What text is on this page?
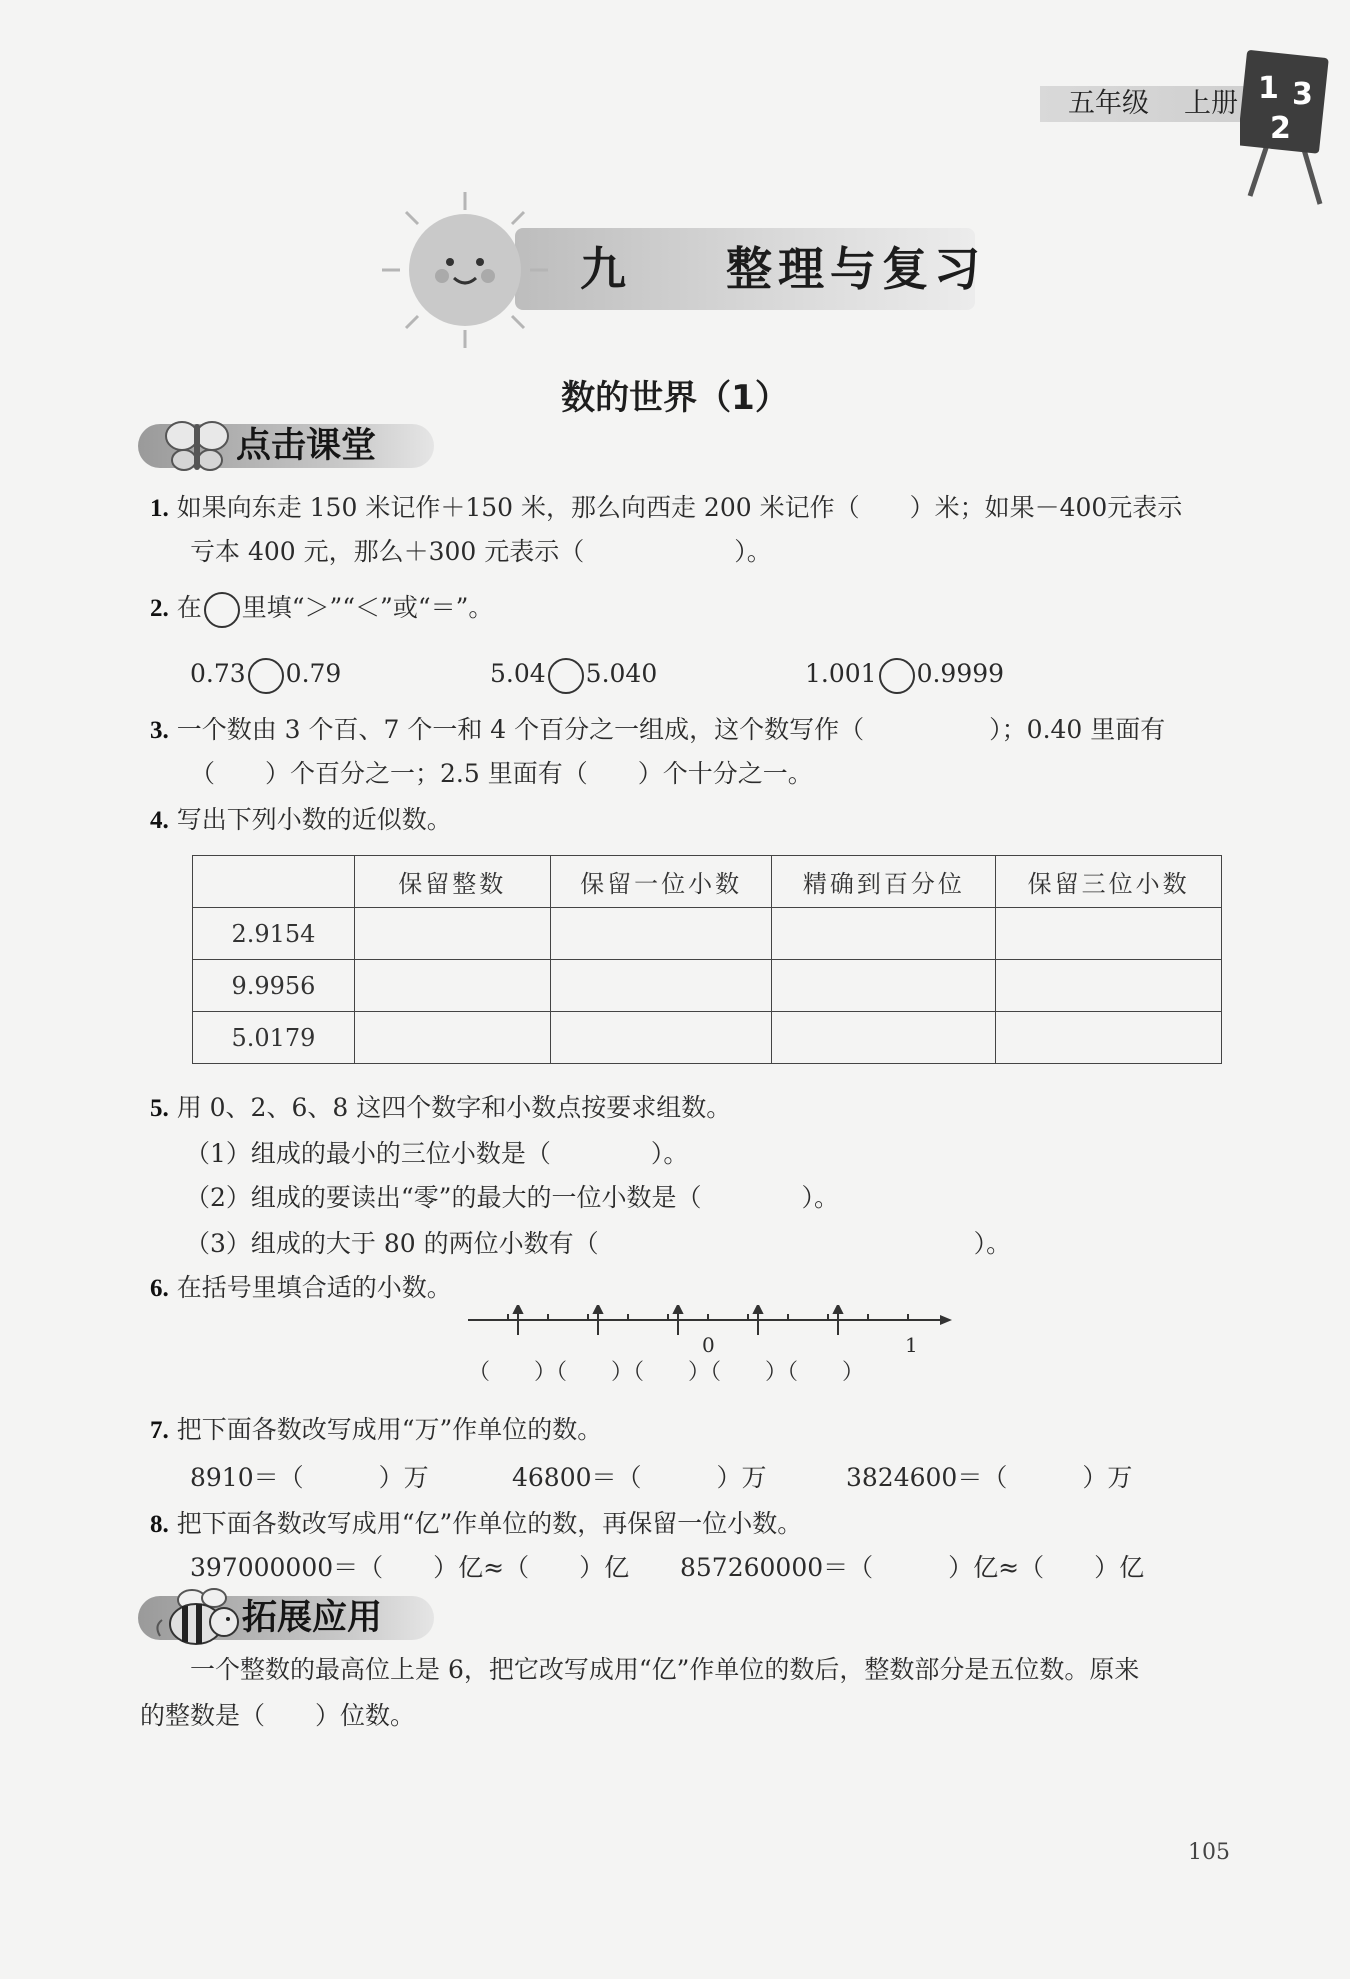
五年级 上册 1 3
2
九 整理与复习
数的世界（1）
点击课堂
1. 如果向东走 150 米记作＋150 米，那么向西走 200 米记作（　　）米；如果－400元表示
亏本 400 元，那么＋300 元表示（　　　　　　）。
2. 在 里填“＞”“＜”或“＝”。
0.73 0.79	5.04 5.040	1.001 0.9999
3. 一个数由 3 个百、7 个一和 4 个百分之一组成，这个数写作（　　　　　）；0.40 里面有
（　　）个百分之一；2.5 里面有（　　）个十分之一。
4. 写出下列小数的近似数。
	保留整数	保留一位小数	精确到百分位	保留三位小数
2.9154				
9.9956				
5.0179				
5. 用 0、2、6、8 这四个数字和小数点按要求组数。
（1）组成的最小的三位小数是（　　　　）。
（2）组成的要读出“零”的最大的一位小数是（　　　　）。
（3）组成的大于 80 的两位小数有（　　　　　　　　　　　　　　　）。
6. 在括号里填合适的小数。
0	1
（　　）（　　）（　　）（　　）（　　）
7. 把下面各数改写成用“万”作单位的数。
8910＝（　　　）万	46800＝（　　　）万	3824600＝（　　　）万
8. 把下面各数改写成用“亿”作单位的数，再保留一位小数。
397000000＝（　　）亿≈（　　）亿 857260000＝（　　　）亿≈（　　）亿
拓展应用
一个整数的最高位上是 6，把它改写成用“亿”作单位的数后，整数部分是五位数。原来
的整数是（　　）位数。
105
